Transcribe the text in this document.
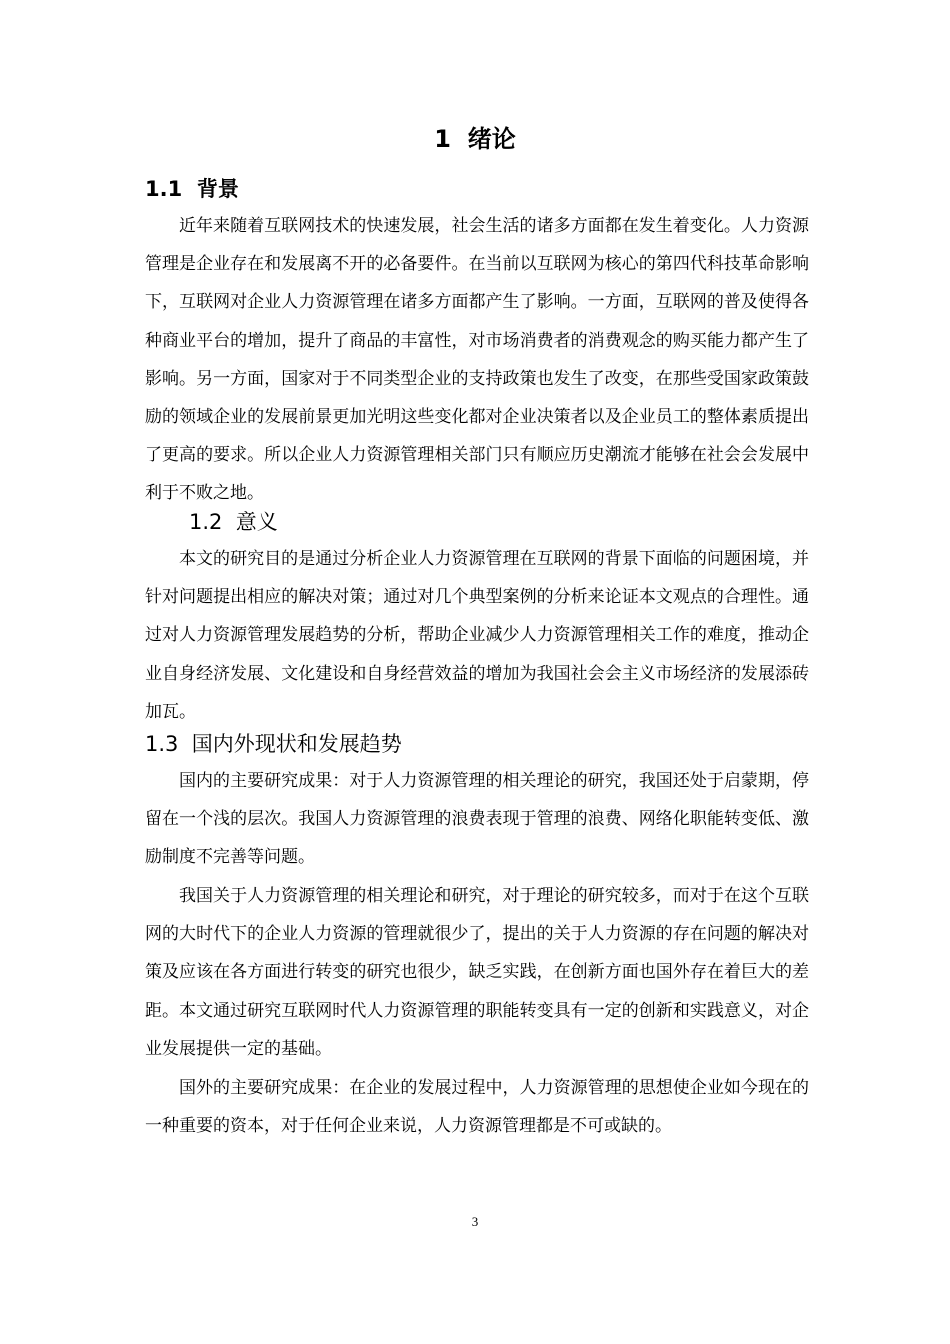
1  绪论
1.1  背景

近年来随着互联网技术的快速发展，社会生活的诸多方面都在发生着变化。人力资源管理是企业存在和发展离不开的必备要件。在当前以互联网为核心的第四代科技革命影响下，互联网对企业人力资源管理在诸多方面都产生了影响。一方面，互联网的普及使得各种商业平台的增加，提升了商品的丰富性，对市场消费者的消费观念的购买能力都产生了影响。另一方面，国家对于不同类型企业的支持政策也发生了改变，在那些受国家政策鼓励的领域企业的发展前景更加光明这些变化都对企业决策者以及企业员工的整体素质提出了更高的要求。所以企业人力资源管理相关部门只有顺应历史潮流才能够在社会会发展中利于不败之地。

1.2  意义

本文的研究目的是通过分析企业人力资源管理在互联网的背景下面临的问题困境，并针对问题提出相应的解决对策；通过对几个典型案例的分析来论证本文观点的合理性。通过对人力资源管理发展趋势的分析，帮助企业减少人力资源管理相关工作的难度，推动企业自身经济发展、文化建设和自身经营效益的增加为我国社会会主义市场经济的发展添砖加瓦。

1.3  国内外现状和发展趋势

国内的主要研究成果：对于人力资源管理的相关理论的研究，我国还处于启蒙期，停留在一个浅的层次。我国人力资源管理的浪费表现于管理的浪费、网络化职能转变低、激励制度不完善等问题。

我国关于人力资源管理的相关理论和研究，对于理论的研究较多，而对于在这个互联网的大时代下的企业人力资源的管理就很少了，提出的关于人力资源的存在问题的解决对策及应该在各方面进行转变的研究也很少，缺乏实践，在创新方面也国外存在着巨大的差距。本文通过研究互联网时代人力资源管理的职能转变具有一定的创新和实践意义，对企业发展提供一定的基础。

国外的主要研究成果：在企业的发展过程中，人力资源管理的思想使企业如今现在的一种重要的资本，对于任何企业来说，人力资源管理都是不可或缺的。

3
